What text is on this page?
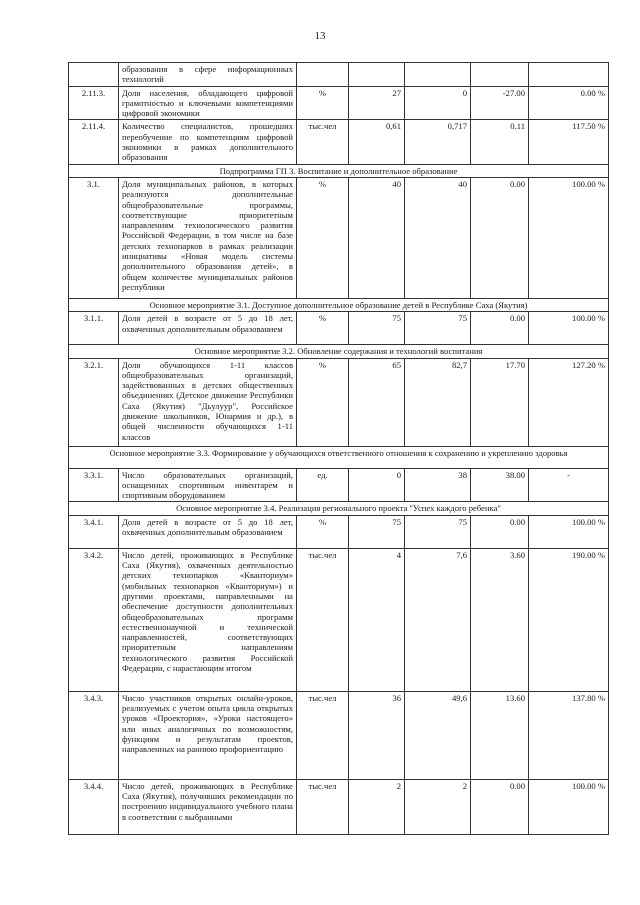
13
	образования в сфере информационных технологий					
2.11.3.	Доля населения, обладающего цифровой грамотностью и ключевыми компетенциями цифровой экономики	%	27	0	-27.00	0.00 %
2.11.4.	Количество специалистов, прошедших переобучение по компетенциям цифровой экономики в рамках дополнительного образования	тыс.чел	0,61	0,717	0.11	117.50 %
Подпрограмма ГП 3. Воспитание и дополнительное образование						
3.1.	Доля муниципальных районов, в которых реализуются дополнительные общеобразовательные программы, соответствующие приоритетным направлениям технологического развития Российской Федерации, в том числе на базе детских технопарков в рамках реализации инициативы «Новая модель системы дополнительного образования детей», в общем количестве муниципальных районов республики	%	40	40	0.00	100.00 %
Основное мероприятие 3.1. Доступное дополнительное образование детей в Республике Саха (Якутия)						
3.1.1.	Доля детей в возрасте от 5 до 18 лет, охваченных дополнительным образованием	%	75	75	0.00	100.00 %
Основное мероприятие 3.2. Обновление содержания и технологий воспитания						
3.2.1.	Доля обучающихся 1-11 классов общеобразовательных организаций, задействованных в детских общественных объединениях (Детское движение Республики Саха (Якутия) "Дьулуур", Российское движение школьников, Юнармия и др.), в общей численности обучающихся 1-11 классов	%	65	82,7	17.70	127.20 %
Основное мероприятие 3.3. Формирование у обучающихся ответственного отношения к сохранению и укреплению здоровья						
3.3.1.	Число образовательных организаций, оснащенных спортивным инвентарем и спортивным оборудованием	ед.	0	38	38.00	-
Основное мероприятие 3.4. Реализация регионального проекта "Успех каждого ребенка"						
3.4.1.	Доля детей в возрасте от 5 до 18 лет, охваченных дополнительным образованием	%	75	75	0.00	100.00 %
3.4.2.	Число детей, проживающих в Республике Саха (Якутия), охваченных деятельностью детских технопарков «Кванториум» (мобильных технопарков «Кванториум») и другими проектами, направленными на обеспечение доступности дополнительных общеобразовательных программ естественнонаучной и технической направленностей, соответствующих приоритетным направлениям технологического развития Российской Федерации, с нарастающим итогом	тыс.чел	4	7,6	3.60	190.00 %
3.4.3.	Число участников открытых онлайн-уроков, реализуемых с учетом опыта цикла открытых уроков «Проектория», «Уроки настоящего» или иных аналогичных по возможностям, функциям и результатам проектов, направленных на раннюю профориентацию	тыс.чел	36	49,6	13.60	137.80 %
3.4.4.	Число детей, проживающих в Республике Саха (Якутия), получивших рекомендации по построению индивидуального учебного плана в соответствии с выбранными	тыс.чел	2	2	0.00	100.00 %
